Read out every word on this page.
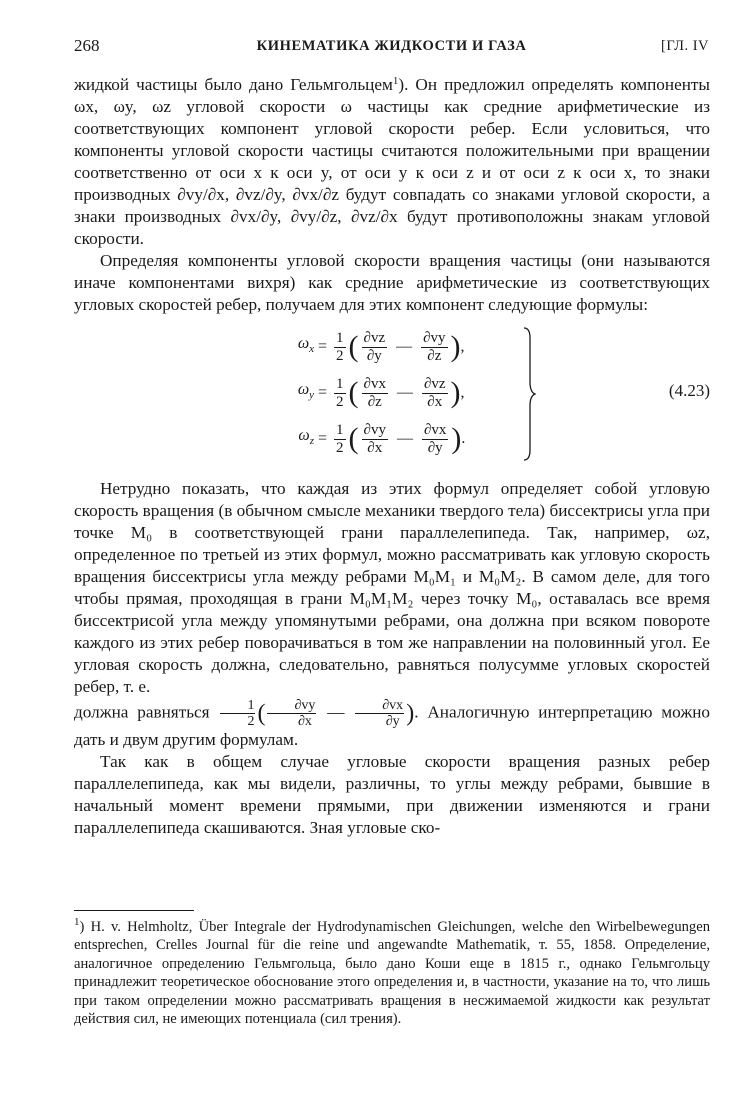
268	КИНЕМАТИКА ЖИДКОСТИ И ГАЗА	[ГЛ. IV

жидкой частицы было дано Гельмгольцем$^1$). Он предложил определять компоненты ωx, ωy, ωz угловой скорости ω частицы как средние арифметические из соответствующих компонент угловой скорости ребер. Если условиться, что компоненты угловой скорости частицы считаются положительными при вращении соответственно от оси x к оси y, от оси y к оси z и от оси z к оси x, то знаки производных ∂vy/∂x, ∂vz/∂y, ∂vx/∂z будут совпадать со знаками угловой скорости, а знаки производных ∂vx/∂y, ∂vy/∂z, ∂vz/∂x будут противоположны знакам угловой скорости.

Определяя компоненты угловой скорости вращения частицы (они называются иначе компонентами вихря) как средние арифметические из соответствующих угловых скоростей ребер, получаем для этих компонент следующие формулы:

$\omega_x = \frac{1}{2}$ ( $\frac{\partial vz}{\partial y}$ — $\frac{\partial vy}{\partial z}$ ) ,
$\omega_y = \frac{1}{2}$ ( $\frac{\partial vx}{\partial z}$ — $\frac{\partial vz}{\partial x}$ ) ,
$\omega_z = \frac{1}{2}$ ( $\frac{\partial vy}{\partial x}$ — $\frac{\partial vx}{\partial y}$ ) .
(4.23)

Нетрудно показать, что каждая из этих формул определяет собой угловую скорость вращения (в обычном смысле механики твердого тела) биссектрисы угла при точке M₀ в соответствующей грани параллелепипеда. Так, например, ωz, определенное по третьей из этих формул, можно рассматривать как угловую скорость вращения биссектрисы угла между ребрами M₀M₁ и M₀M₂. В самом деле, для того чтобы прямая, проходящая в грани M₀M₁M₂ через точку M₀, оставалась все время биссектрисой угла между упомянутыми ребрами, она должна при всяком повороте каждого из этих ребер поворачиваться в том же направлении на половинный угол. Ее угловая скорость должна, следовательно, равняться полусумме угловых скоростей ребер, т. е.
должна равняться $\frac{1}{2}$ ( $\frac{\partial vy}{\partial x}$ — $\frac{\partial vx}{\partial y}$ ). Аналогичную интерпретацию можно дать и двум другим формулам.

Так как в общем случае угловые скорости вращения разных ребер параллелепипеда, как мы видели, различны, то углы между ребрами, бывшие в начальный момент времени прямыми, при движении изменяются и грани параллелепипеда скашиваются. Зная угловые ско-

$^1$) H. v. Helmholtz, Über Integrale der Hydrodynamischen Gleichungen, welche den Wirbelbewegungen entsprechen, Crelles Journal für die reine und angewandte Mathematik, т. 55, 1858. Определение, аналогичное определению Гельмгольца, было дано Коши еще в 1815 г., однако Гельмгольцу принадлежит теоретическое обоснование этого определения и, в частности, указание на то, что лишь при таком определении можно рассматривать вращения в несжимаемой жидкости как результат действия сил, не имеющих потенциала (сил трения).
